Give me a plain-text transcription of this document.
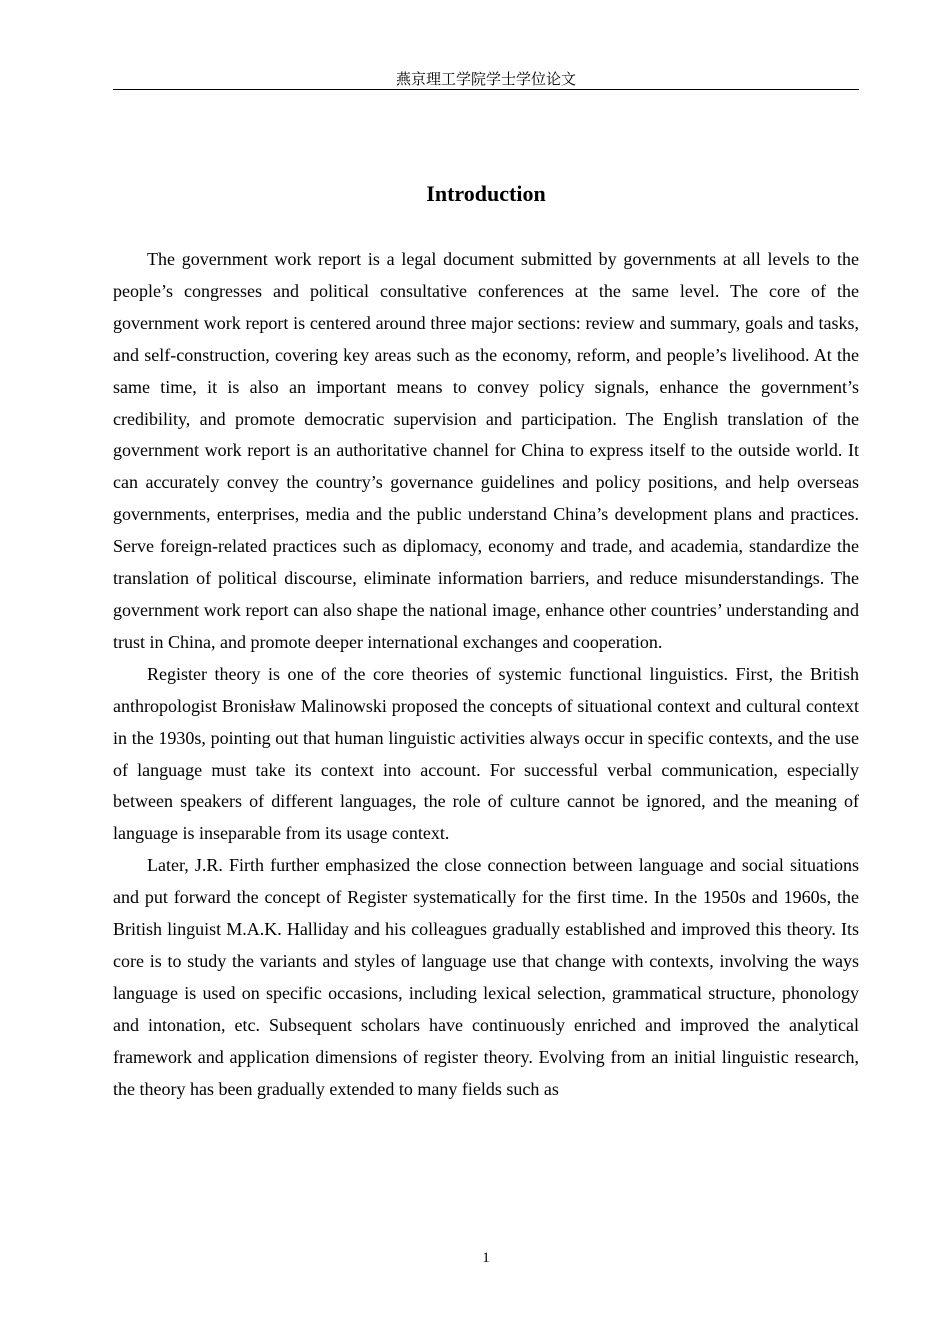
燕京理工学院学士学位论文
Introduction

The government work report is a legal document submitted by governments at all levels to the people’s congresses and political consultative conferences at the same level. The core of the government work report is centered around three major sections: review and summary, goals and tasks, and self-construction, covering key areas such as the economy, reform, and people’s livelihood. At the same time, it is also an important means to convey policy signals, enhance the government’s credibility, and promote democratic supervision and participation. The English translation of the government work report is an authoritative channel for China to express itself to the outside world. It can accurately convey the country’s governance guidelines and policy positions, and help overseas governments, enterprises, media and the public understand China’s development plans and practices. Serve foreign-related practices such as diplomacy, economy and trade, and academia, standardize the translation of political discourse, eliminate information barriers, and reduce misunderstandings. The government work report can also shape the national image, enhance other countries’ understanding and trust in China, and promote deeper international exchanges and cooperation.

Register theory is one of the core theories of systemic functional linguistics. First, the British anthropologist Bronisław Malinowski proposed the concepts of situational context and cultural context in the 1930s, pointing out that human linguistic activities always occur in specific contexts, and the use of language must take its context into account. For successful verbal communication, especially between speakers of different languages, the role of culture cannot be ignored, and the meaning of language is inseparable from its usage context.

Later, J.R. Firth further emphasized the close connection between language and social situations and put forward the concept of Register systematically for the first time. In the 1950s and 1960s, the British linguist M.A.K. Halliday and his colleagues gradually established and improved this theory. Its core is to study the variants and styles of language use that change with contexts, involving the ways language is used on specific occasions, including lexical selection, grammatical structure, phonology and intonation, etc. Subsequent scholars have continuously enriched and improved the analytical framework and application dimensions of register theory. Evolving from an initial linguistic research, the theory has been gradually extended to many fields such as

1
